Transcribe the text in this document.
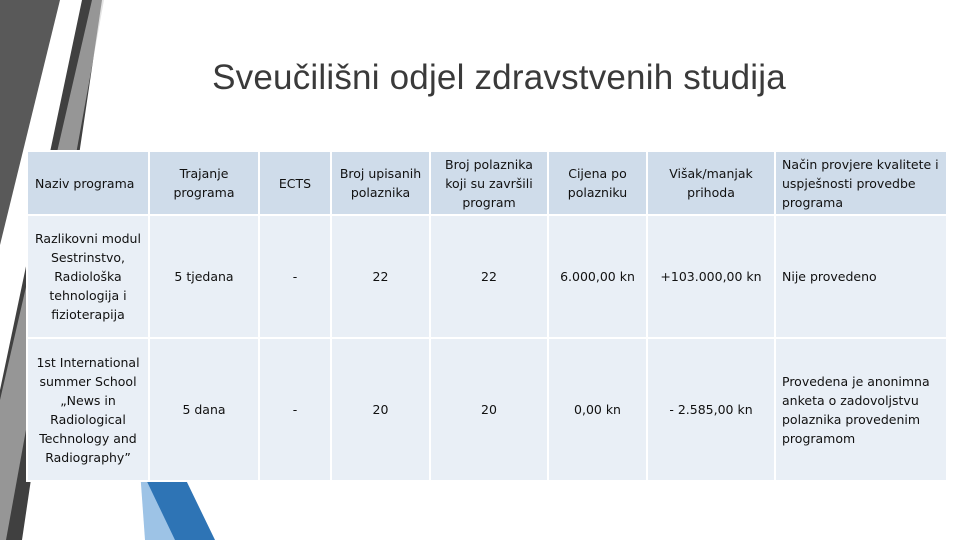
Sveučilišni odjel zdravstvenih studija
Naziv programa	Trajanje programa	ECTS	Broj upisanih polaznika	Broj polaznika koji su završili program	Cijena po polazniku	Višak/manjak prihoda	Način provjere kvalitete i uspješnosti provedbe programa
Razlikovni modul Sestrinstvo, Radiološka tehnologija i fizioterapija	5 tjedana	-	22	22	6.000,00 kn	+103.000,00 kn	Nije provedeno
1st International summer School „News in Radiological Technology and Radiography”	5 dana	-	20	20	0,00 kn	- 2.585,00 kn	Provedena je anonimna anketa o zadovoljstvu polaznika provedenim programom
